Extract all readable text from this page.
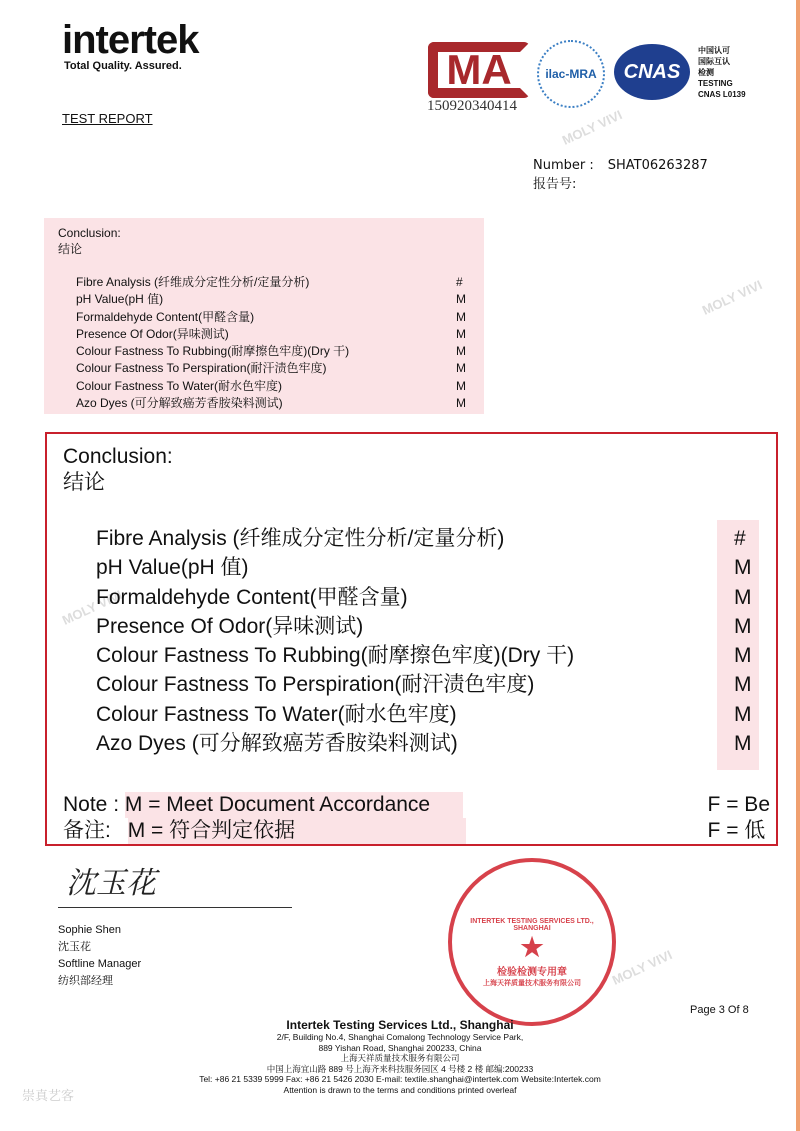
MOLY VIVI
MOLY VIVI
MOLY VIVI
MOLY VIVI
intertek
Total Quality. Assured.
TEST REPORT
MA
150920340414
ilac-MRA	CNAS
中国认可
国际互认
检测
TESTING
CNAS L0139
Number : SHAT06263287
报告号:
Conclusion:
结论
Fibre Analysis (纤维成分定性分析/定量分析)	#
pH Value(pH 值)	M
Formaldehyde Content(甲醛含量)	M
Presence Of Odor(异味测试)	M
Colour Fastness To Rubbing(耐摩擦色牢度)(Dry 干)	M
Colour Fastness To Perspiration(耐汗渍色牢度)	M
Colour Fastness To Water(耐水色牢度)	M
Azo Dyes (可分解致癌芳香胺染料测试)	M
Conclusion:
结论
Fibre Analysis (纤维成分定性分析/定量分析)	#
pH Value(pH 值)	M
Formaldehyde Content(甲醛含量)	M
Presence Of Odor(异味测试)	M
Colour Fastness To Rubbing(耐摩擦色牢度)(Dry 干)	M
Colour Fastness To Perspiration(耐汗渍色牢度)	M
Colour Fastness To Water(耐水色牢度)	M
Azo Dyes (可分解致癌芳香胺染料测试)	M
Note : M = Meet Document Accordance
备注: M = 符合判定依据
F = Be
F = 低
沈玉花
Sophie Shen
沈玉花
Softline Manager
纺织部经理
INTERTEK TESTING SERVICES LTD., SHANGHAI
★
检验检测专用章
上海天祥质量技术服务有限公司
Page 3 Of 8
Intertek Testing Services Ltd., Shanghai
2/F, Building No.4, Shanghai Comalong Technology Service Park,
889 Yishan Road, Shanghai 200233, China
上海天祥质量技术服务有限公司
中国上海宜山路 889 号上海齐来科技服务园区 4 号楼 2 楼 邮编:200233
Tel: +86 21 5339 5999 Fax: +86 21 5426 2030 E-mail: textile.shanghai@intertek.com Website:Intertek.com
Attention is drawn to the terms and conditions printed overleaf
崇真艺客
